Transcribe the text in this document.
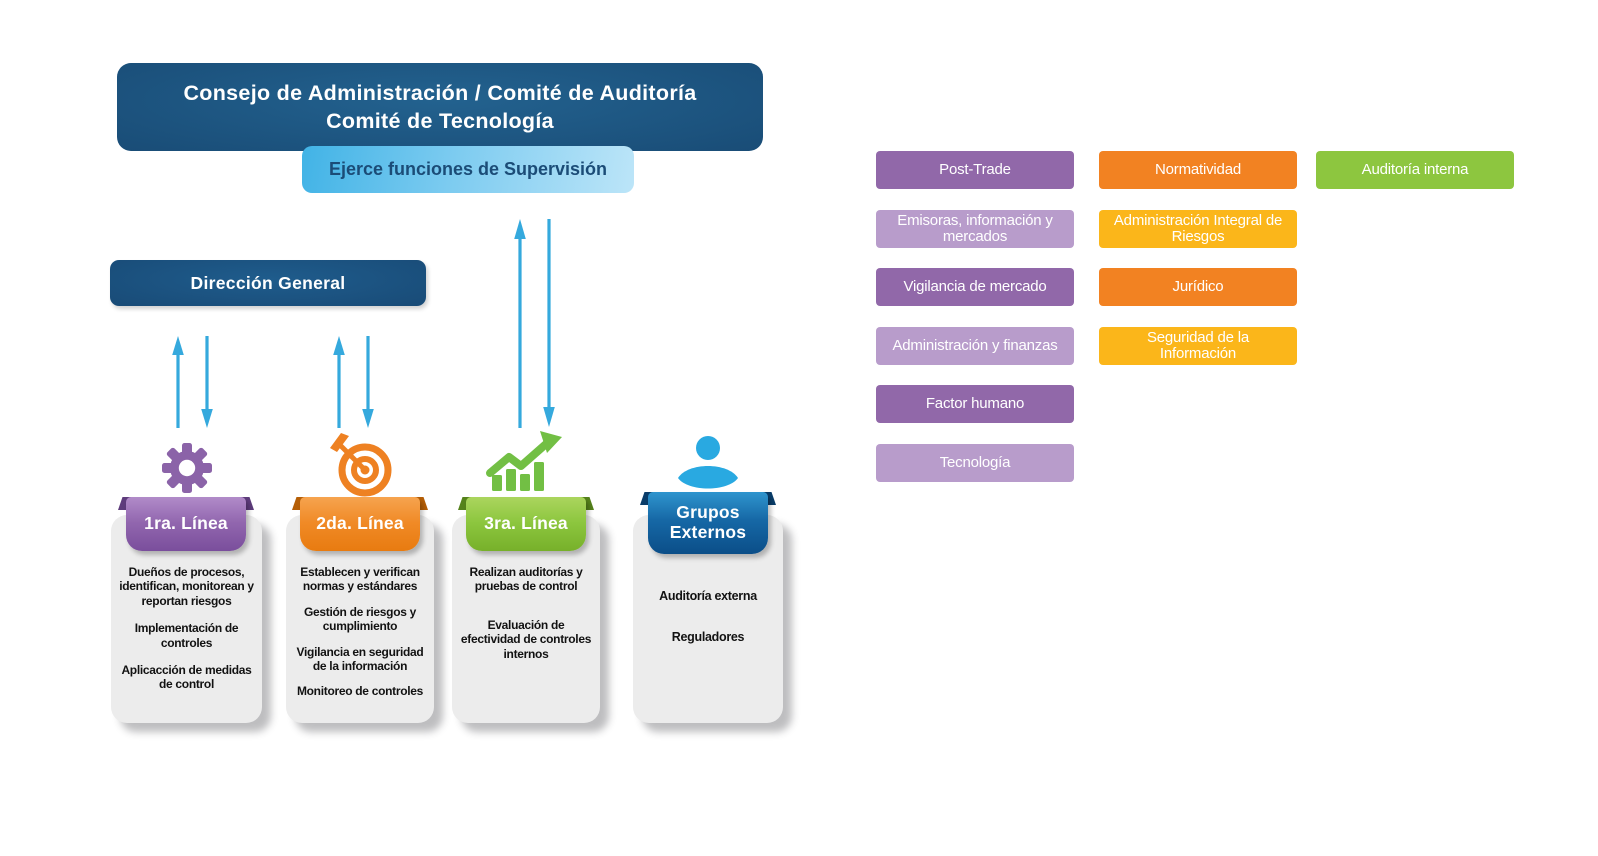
Consejo de Administración / Comité de Auditoría
Comité de Tecnología
Ejerce funciones de Supervisión
Dirección General
1ra. Línea	2da. Línea	3ra. Línea
Grupos Externos

Dueños de procesos, identifican, monitorean y reportan riesgos

Implementación de controles

Aplicacción de medidas de control

Establecen y verifican normas y estándares

Gestión de riesgos y cumplimiento

Vigilancia en seguridad de la información

Monitoreo de controles

Realizan auditorías y pruebas de control

Evaluación de efectividad de controles internos

Auditoría externa

Reguladores

Post-Trade
Emisoras, información y mercados
Vigilancia de mercado
Administración y finanzas
Factor humano
Tecnología
Normatividad
Administración Integral de Riesgos
Jurídico
Seguridad de la Información
Auditoría interna
